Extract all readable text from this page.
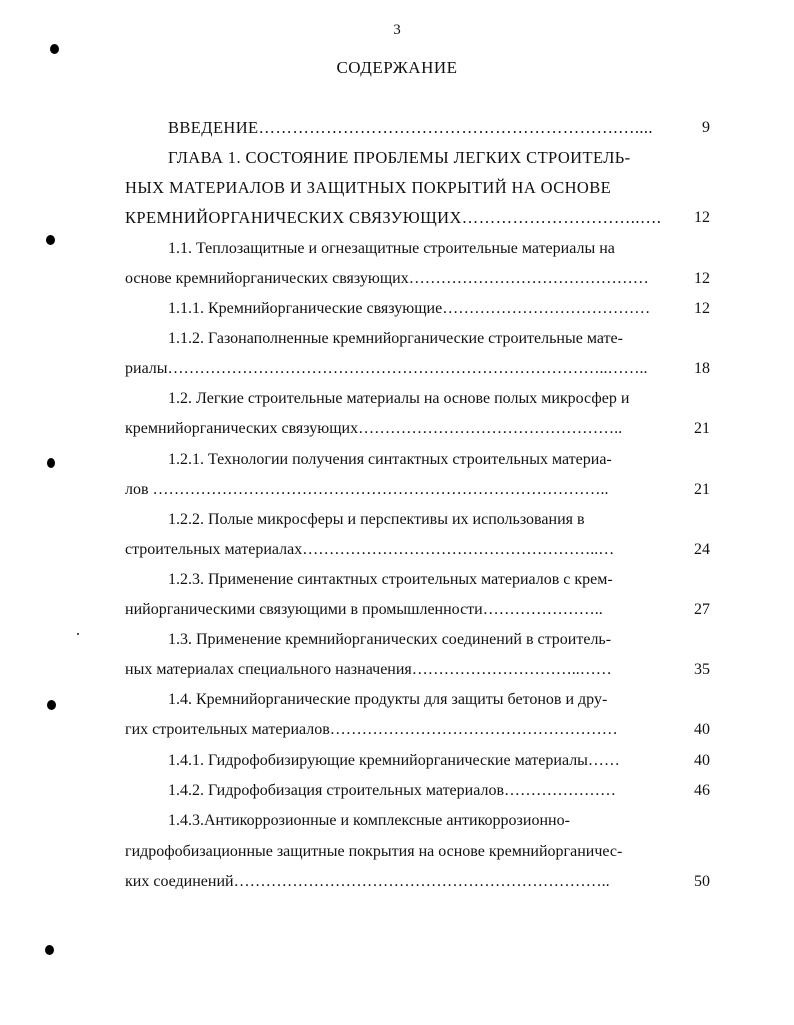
3
СОДЕРЖАНИЕ
ВВЕДЕНИЕ……………………………………………………….…....	9
ГЛАВА 1. СОСТОЯНИЕ ПРОБЛЕМЫ ЛЕГКИХ СТРОИТЕЛЬ-
НЫХ МАТЕРИАЛОВ И ЗАЩИТНЫХ ПОКРЫТИЙ НА ОСНОВЕ
КРЕМНИЙОРГАНИЧЕСКИХ СВЯЗУЮЩИХ…………………………..….	12
1.1. Теплозащитные и огнезащитные строительные материалы на
основе кремнийорганических связующих………………………………………	12
1.1.1. Кремнийорганические связующие…………………………………	12
1.1.2. Газонаполненные кремнийорганические строительные мате-
риалы………………………………………………………………………..……..	18
1.2. Легкие строительные материалы на основе полых микросфер и
кремнийорганических связующих…………………………………………..	21
1.2.1. Технологии получения синтактных строительных материа-
лов …………………………………………………………………………..	21
1.2.2. Полые микросферы и перспективы их использования в
строительных материалах………………………………………………..…	24
1.2.3. Применение синтактных строительных материалов с крем-
нийорганическими связующими в промышленности…………………..	27
1.3. Применение кремнийорганических соединений в строитель-
ных материалах специального назначения…………………………..……	35
1.4. Кремнийорганические продукты для защиты бетонов и дру-
гих строительных материалов………………………………………………	40
1.4.1. Гидрофобизирующие кремнийорганические материалы……	40
1.4.2. Гидрофобизация строительных материалов…………………	46
1.4.3.Антикоррозионные и комплексные антикоррозионно-
гидрофобизационные защитные покрытия на основе кремнийорганичес-
ких соединений……………………………………………………………..	50
